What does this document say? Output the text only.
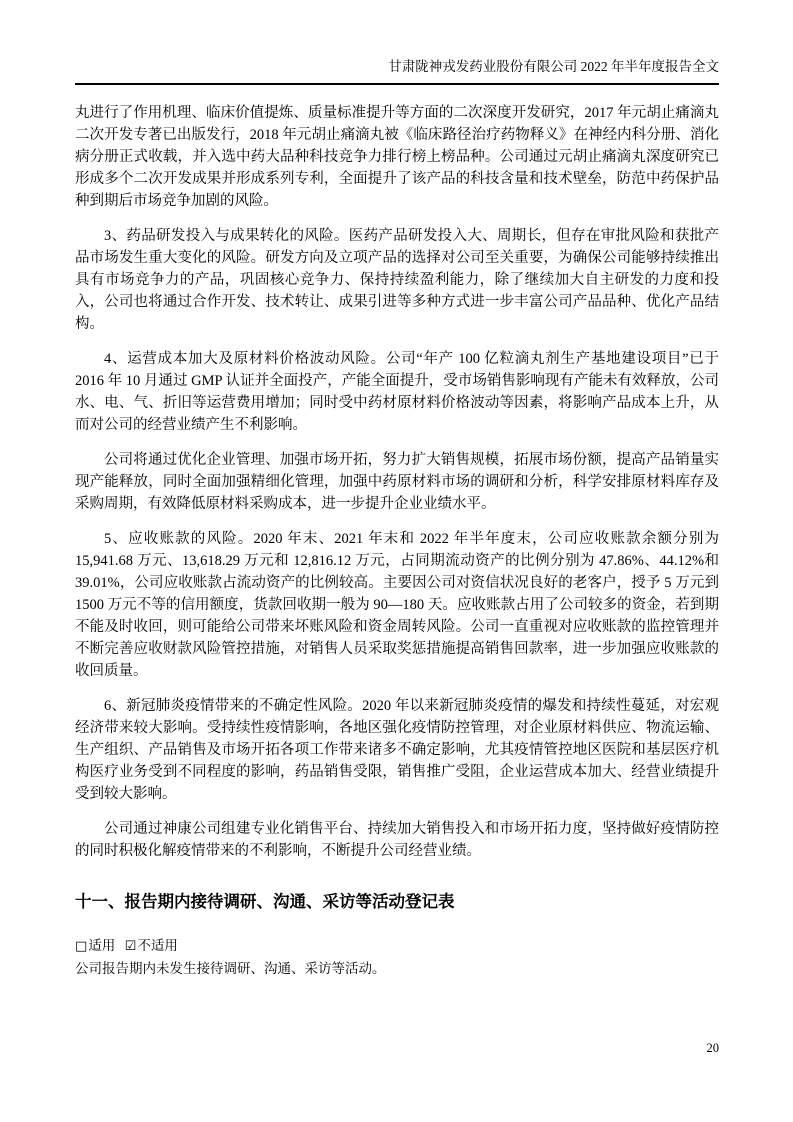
甘肃陇神戎发药业股份有限公司 2022 年半年度报告全文

丸进行了作用机理、临床价值提炼、质量标准提升等方面的二次深度开发研究，2017 年元胡止痛滴丸二次开发专著已出版发行，2018 年元胡止痛滴丸被《临床路径治疗药物释义》在神经内科分册、消化病分册正式收载，并入选中药大品种科技竞争力排行榜上榜品种。公司通过元胡止痛滴丸深度研究已形成多个二次开发成果并形成系列专利，全面提升了该产品的科技含量和技术壁垒，防范中药保护品种到期后市场竞争加剧的风险。

3、药品研发投入与成果转化的风险。医药产品研发投入大、周期长，但存在审批风险和获批产品市场发生重大变化的风险。研发方向及立项产品的选择对公司至关重要，为确保公司能够持续推出具有市场竞争力的产品，巩固核心竞争力、保持持续盈利能力，除了继续加大自主研发的力度和投入，公司也将通过合作开发、技术转让、成果引进等多种方式进一步丰富公司产品品种、优化产品结构。

4、运营成本加大及原材料价格波动风险。公司“年产 100 亿粒滴丸剂生产基地建设项目”已于 2016 年 10 月通过 GMP 认证并全面投产，产能全面提升，受市场销售影响现有产能未有效释放，公司水、电、气、折旧等运营费用增加；同时受中药材原材料价格波动等因素，将影响产品成本上升，从而对公司的经营业绩产生不利影响。

公司将通过优化企业管理、加强市场开拓，努力扩大销售规模，拓展市场份额，提高产品销量实现产能释放，同时全面加强精细化管理，加强中药原材料市场的调研和分析，科学安排原材料库存及采购周期，有效降低原材料采购成本，进一步提升企业业绩水平。

5、应收账款的风险。2020 年末、2021 年末和 2022 年半年度末，公司应收账款余额分别为 15,941.68 万元、13,618.29 万元和 12,816.12 万元，占同期流动资产的比例分别为 47.86%、44.12%和 39.01%，公司应收账款占流动资产的比例较高。主要因公司对资信状况良好的老客户，授予 5 万元到 1500 万元不等的信用额度，货款回收期一般为 90—180 天。应收账款占用了公司较多的资金，若到期不能及时收回，则可能给公司带来坏账风险和资金周转风险。公司一直重视对应收账款的监控管理并不断完善应收财款风险管控措施，对销售人员采取奖惩措施提高销售回款率，进一步加强应收账款的收回质量。

6、新冠肺炎疫情带来的不确定性风险。2020 年以来新冠肺炎疫情的爆发和持续性蔓延，对宏观经济带来较大影响。受持续性疫情影响，各地区强化疫情防控管理，对企业原材料供应、物流运输、生产组织、产品销售及市场开拓各项工作带来诸多不确定影响，尤其疫情管控地区医院和基层医疗机构医疗业务受到不同程度的影响，药品销售受限，销售推广受阻，企业运营成本加大、经营业绩提升受到较大影响。

公司通过神康公司组建专业化销售平台、持续加大销售投入和市场开拓力度，坚持做好疫情防控的同时积极化解疫情带来的不利影响，不断提升公司经营业绩。

十一、报告期内接待调研、沟通、采访等活动登记表
□适用 ☑不适用
公司报告期内未发生接待调研、沟通、采访等活动。
20
